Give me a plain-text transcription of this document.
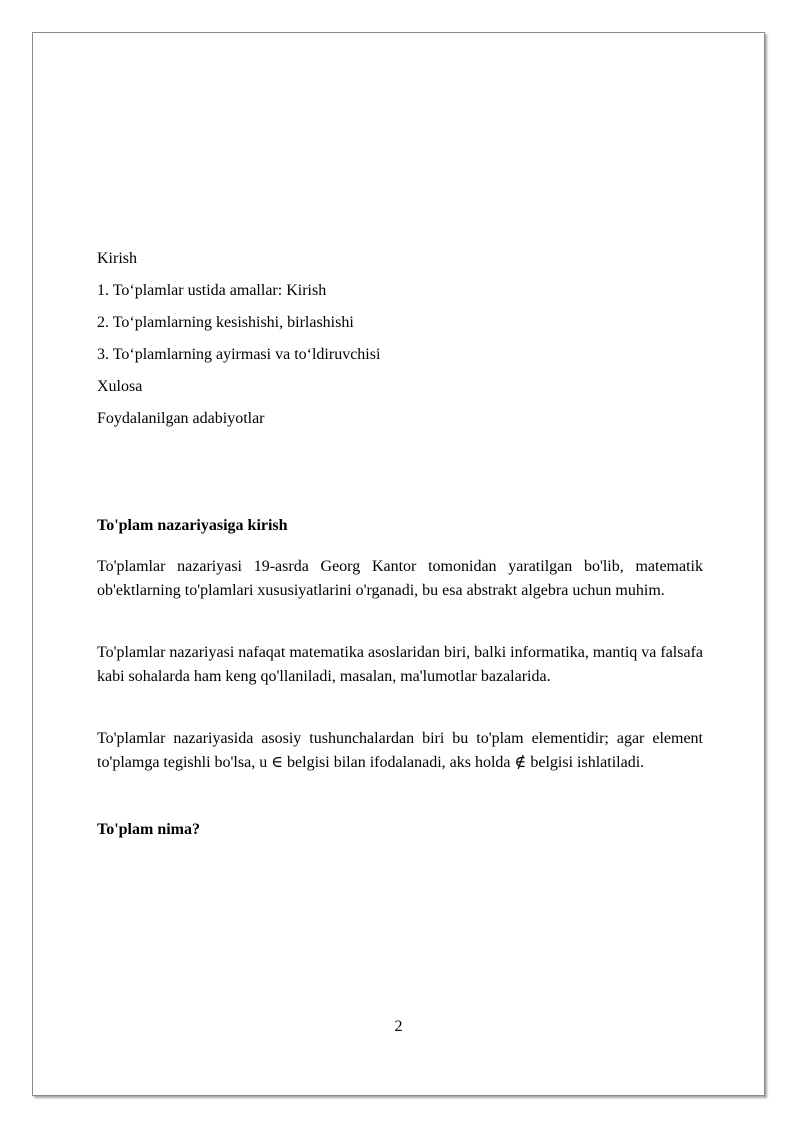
Kirish
1. To‘plamlar ustida amallar: Kirish
2. To‘plamlarning kesishishi, birlashishi
3. To‘plamlarning ayirmasi va to‘ldiruvchisi
Xulosa
Foydalanilgan adabiyotlar
To'plam nazariyasiga kirish

To'plamlar nazariyasi 19-asrda Georg Kantor tomonidan yaratilgan bo'lib, matematik ob'ektlarning to'plamlari xususiyatlarini o'rganadi, bu esa abstrakt algebra uchun muhim.

To'plamlar nazariyasi nafaqat matematika asoslaridan biri, balki informatika, mantiq va falsafa kabi sohalarda ham keng qo'llaniladi, masalan, ma'lumotlar bazalarida.

To'plamlar nazariyasida asosiy tushunchalardan biri bu to'plam elementidir; agar element to'plamga tegishli bo'lsa, u ∈ belgisi bilan ifodalanadi, aks holda ∉ belgisi ishlatiladi.

To'plam nima?
2
